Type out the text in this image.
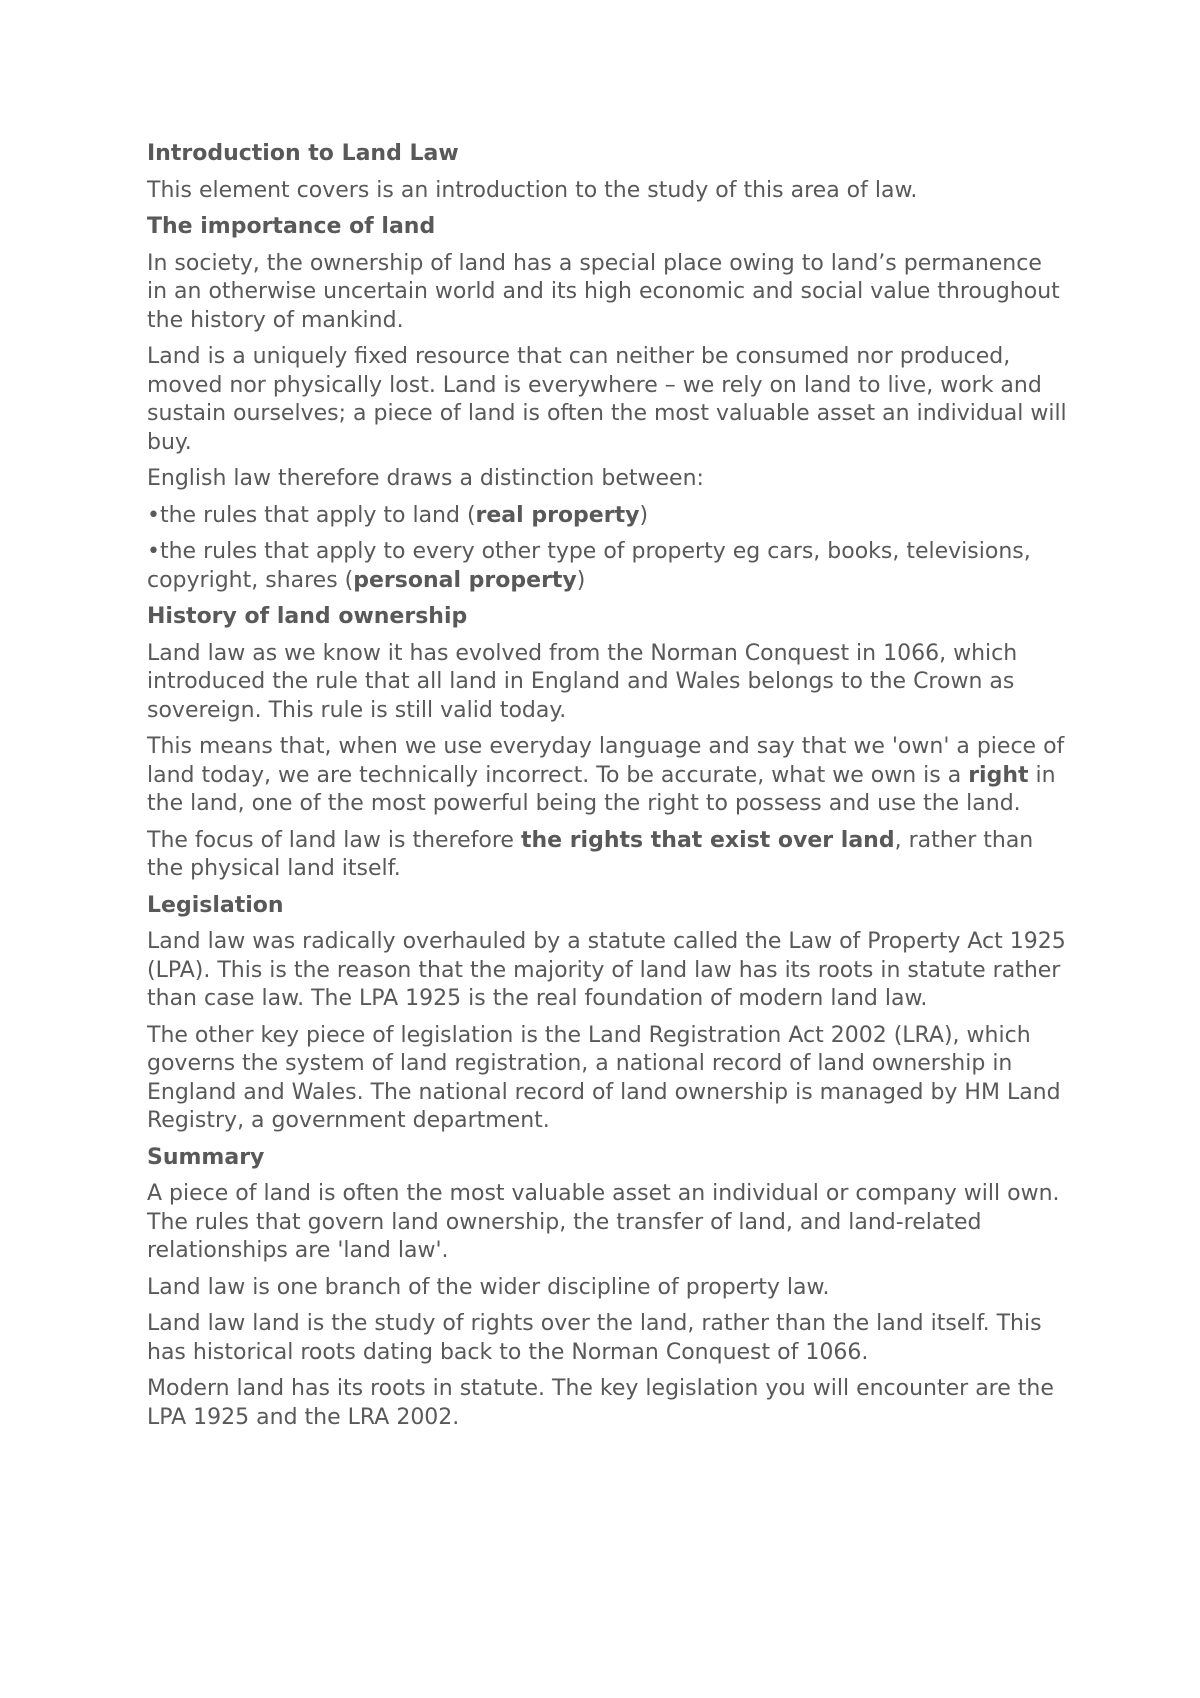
Introduction to Land Law

This element covers is an introduction to the study of this area of law.

The importance of land

In society, the ownership of land has a special place owing to land’s permanence in an otherwise uncertain world and its high economic and social value throughout the history of mankind.

Land is a uniquely fixed resource that can neither be consumed nor produced, moved nor physically lost. Land is everywhere – we rely on land to live, work and sustain ourselves; a piece of land is often the most valuable asset an individual will buy.

English law therefore draws a distinction between:

•the rules that apply to land (real property)

•the rules that apply to every other type of property eg cars, books, televisions, copyright, shares (personal property)

History of land ownership

Land law as we know it has evolved from the Norman Conquest in 1066, which introduced the rule that all land in England and Wales belongs to the Crown as sovereign. This rule is still valid today.

This means that, when we use everyday language and say that we 'own' a piece of land today, we are technically incorrect. To be accurate, what we own is a right in the land, one of the most powerful being the right to possess and use the land.

The focus of land law is therefore the rights that exist over land, rather than the physical land itself.

Legislation

Land law was radically overhauled by a statute called the Law of Property Act 1925 (LPA). This is the reason that the majority of land law has its roots in statute rather than case law. The LPA 1925 is the real foundation of modern land law.

The other key piece of legislation is the Land Registration Act 2002 (LRA), which governs the system of land registration, a national record of land ownership in England and Wales. The national record of land ownership is managed by HM Land Registry, a government department.

Summary

A piece of land is often the most valuable asset an individual or company will own. The rules that govern land ownership, the transfer of land, and land-related relationships are 'land law'.

Land law is one branch of the wider discipline of property law.

Land law land is the study of rights over the land, rather than the land itself. This has historical roots dating back to the Norman Conquest of 1066.

Modern land has its roots in statute. The key legislation you will encounter are the LPA 1925 and the LRA 2002.
